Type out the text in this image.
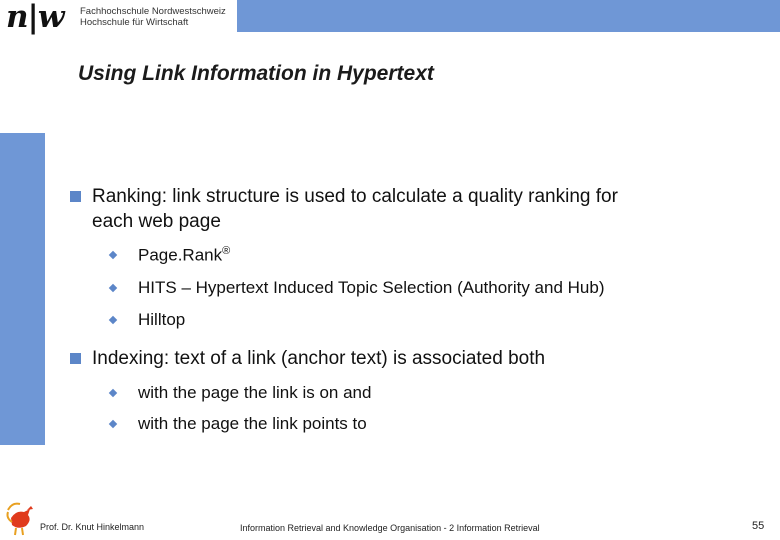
n|w Fachhochschule Nordwestschweiz
Hochschule für Wirtschaft
Using Link Information in Hypertext
Ranking: link structure is used to calculate a quality ranking for
each web page
Page.Rank®
HITS – Hypertext Induced Topic Selection (Authority and Hub)
Hilltop
Indexing: text of a link (anchor text) is associated both
with the page the link is on and
with the page the link points to
Prof. Dr. Knut Hinkelmann	Information Retrieval and Knowledge Organisation - 2 Information Retrieval	55
